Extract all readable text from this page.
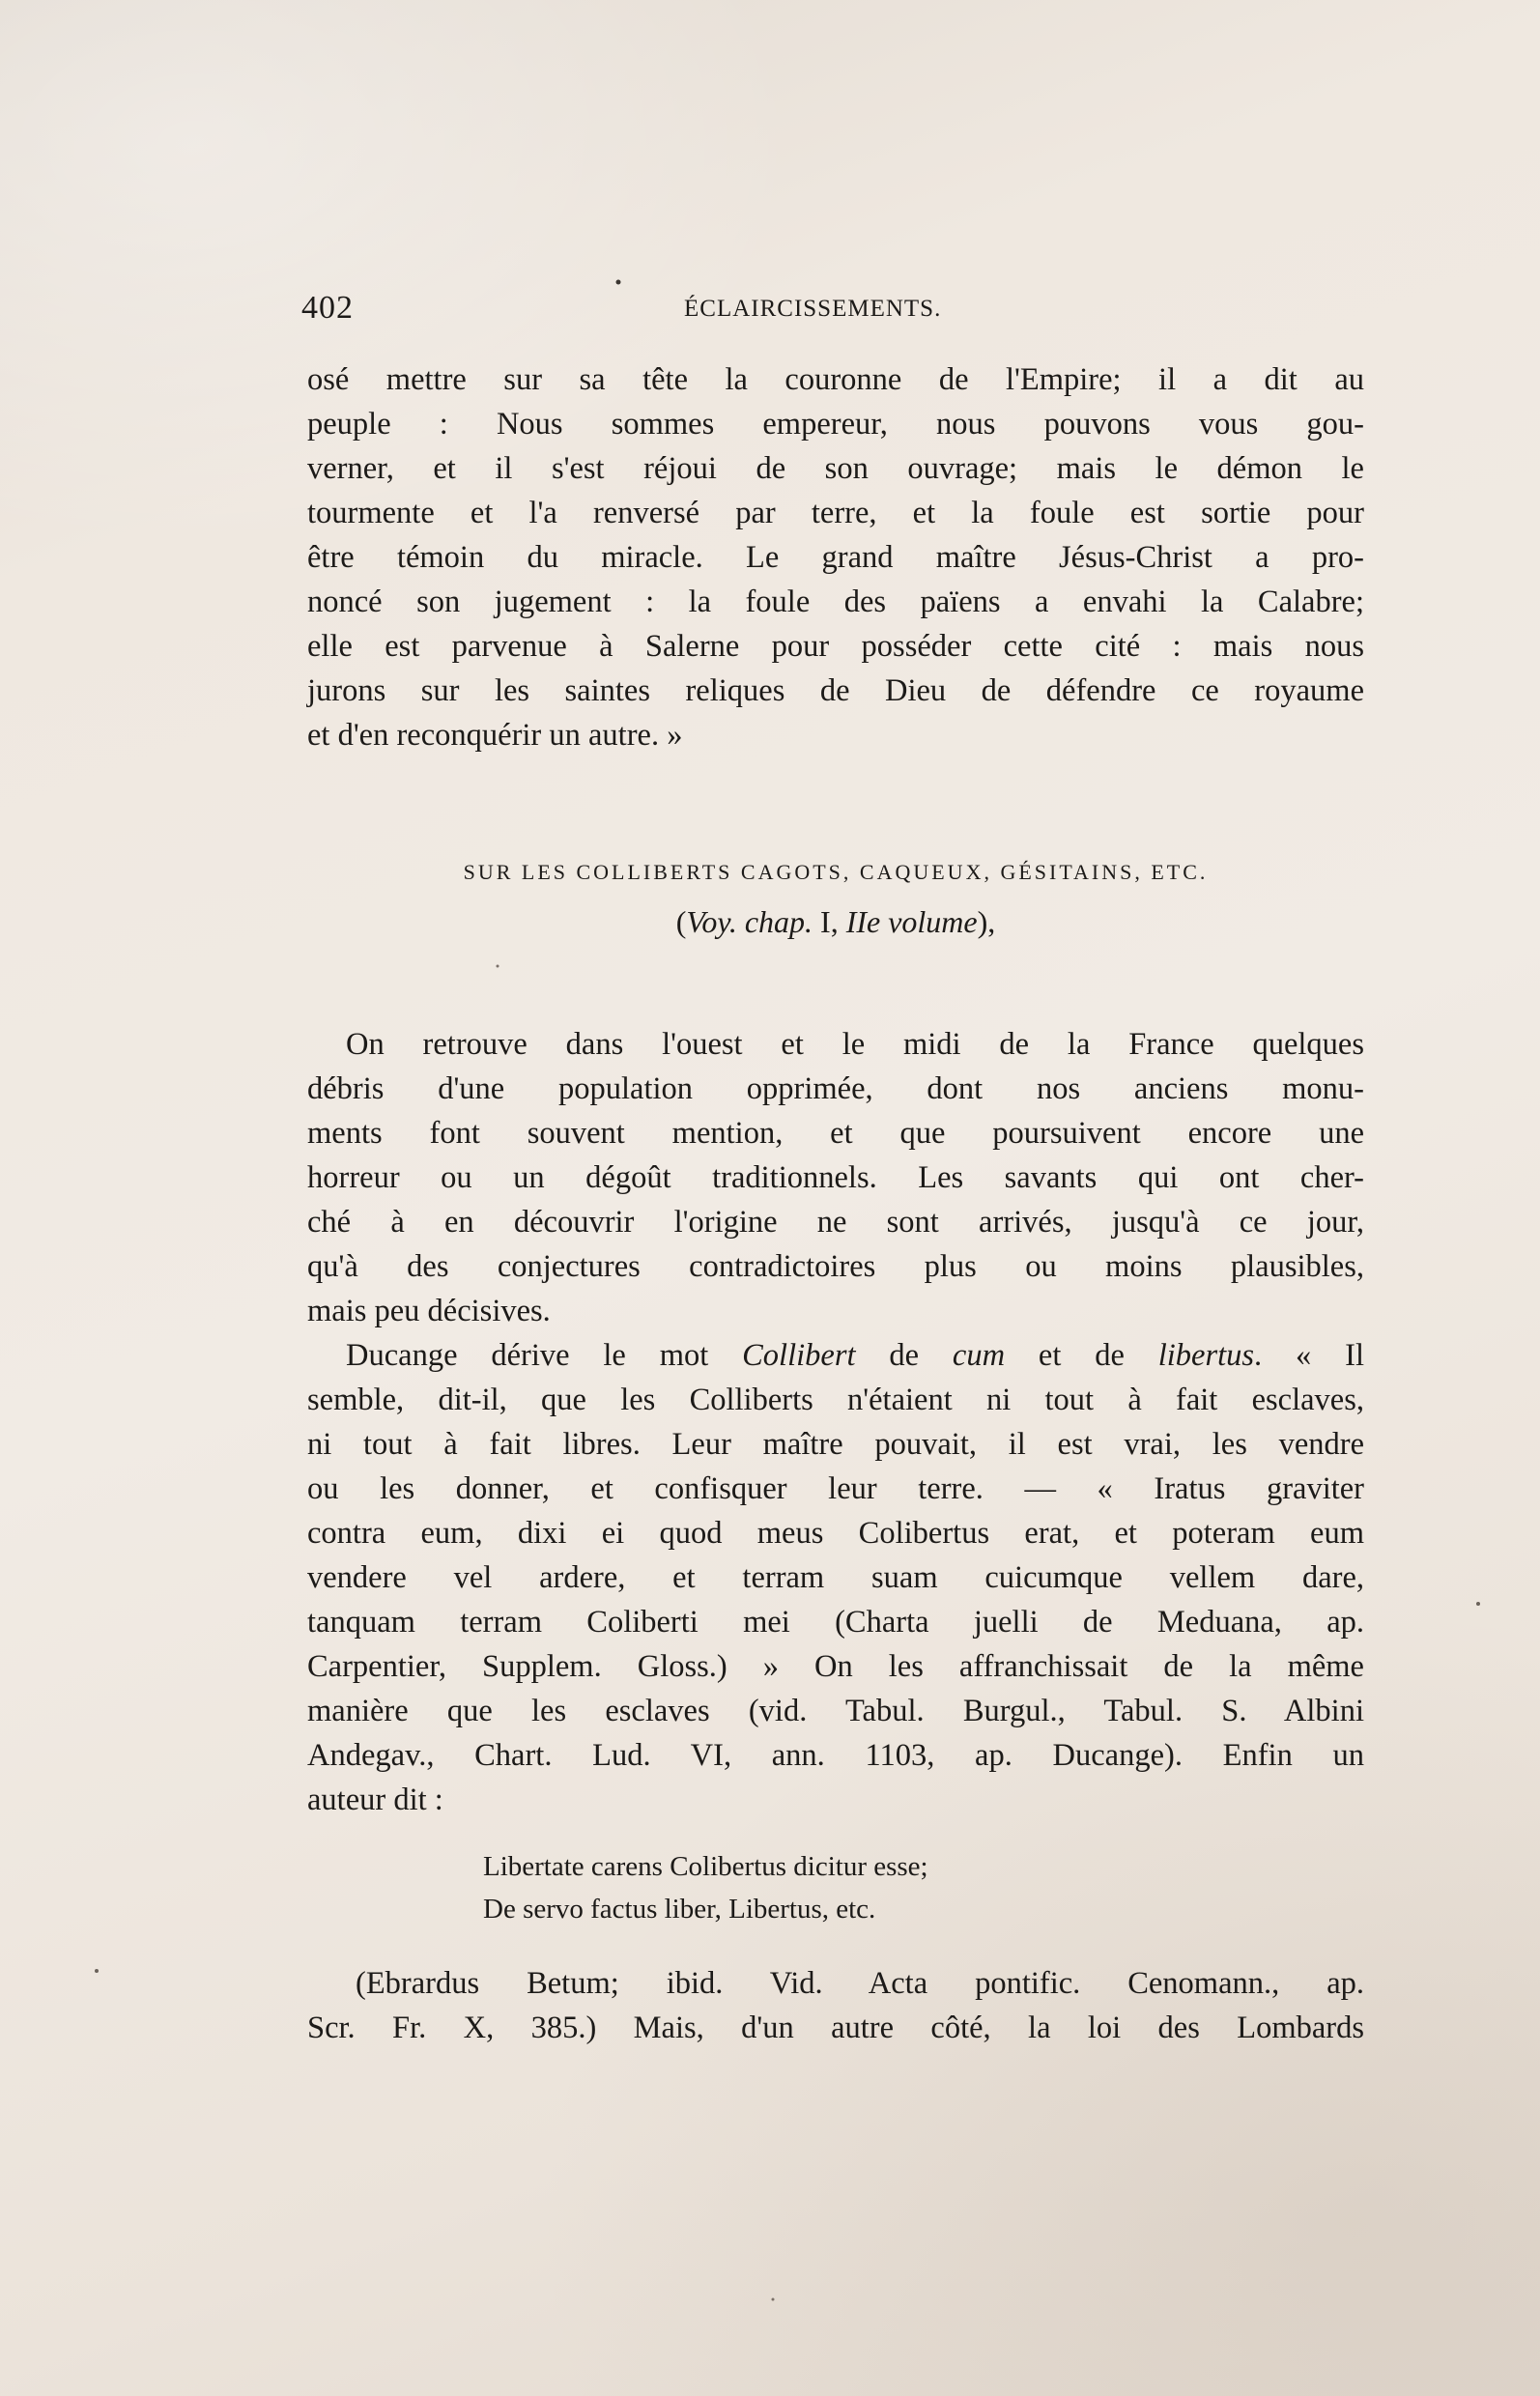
402	ÉCLAIRCISSEMENTS.
osé mettre sur sa tête la couronne de l'Empire; il a dit au
peuple : Nous sommes empereur, nous pouvons vous gou-
verner, et il s'est réjoui de son ouvrage; mais le démon le
tourmente et l'a renversé par terre, et la foule est sortie pour
être témoin du miracle. Le grand maître Jésus-Christ a pro-
noncé son jugement : la foule des païens a envahi la Calabre;
elle est parvenue à Salerne pour posséder cette cité : mais nous
jurons sur les saintes reliques de Dieu de défendre ce royaume
et d'en reconquérir un autre. »
SUR LES COLLIBERTS CAGOTS, CAQUEUX, GÉSITAINS, ETC.
(Voy. chap. I, IIe volume),
On retrouve dans l'ouest et le midi de la France quelques
débris d'une population opprimée, dont nos anciens monu-
ments font souvent mention, et que poursuivent encore une
horreur ou un dégoût traditionnels. Les savants qui ont cher-
ché à en découvrir l'origine ne sont arrivés, jusqu'à ce jour,
qu'à des conjectures contradictoires plus ou moins plausibles,
mais peu décisives.
Ducange dérive le mot Collibert de cum et de libertus. « Il
semble, dit-il, que les Colliberts n'étaient ni tout à fait esclaves,
ni tout à fait libres. Leur maître pouvait, il est vrai, les vendre
ou les donner, et confisquer leur terre. — « Iratus graviter
contra eum, dixi ei quod meus Colibertus erat, et poteram eum
vendere vel ardere, et terram suam cuicumque vellem dare,
tanquam terram Coliberti mei (Charta juelli de Meduana, ap.
Carpentier, Supplem. Gloss.) » On les affranchissait de la même
manière que les esclaves (vid. Tabul. Burgul., Tabul. S. Albini
Andegav., Chart. Lud. VI, ann. 1103, ap. Ducange). Enfin un
auteur dit :
Libertate carens Colibertus dicitur esse;
De servo factus liber, Libertus, etc.
(Ebrardus Betum; ibid. Vid. Acta pontific. Cenomann., ap.
Scr. Fr. X, 385.) Mais, d'un autre côté, la loi des Lombards
